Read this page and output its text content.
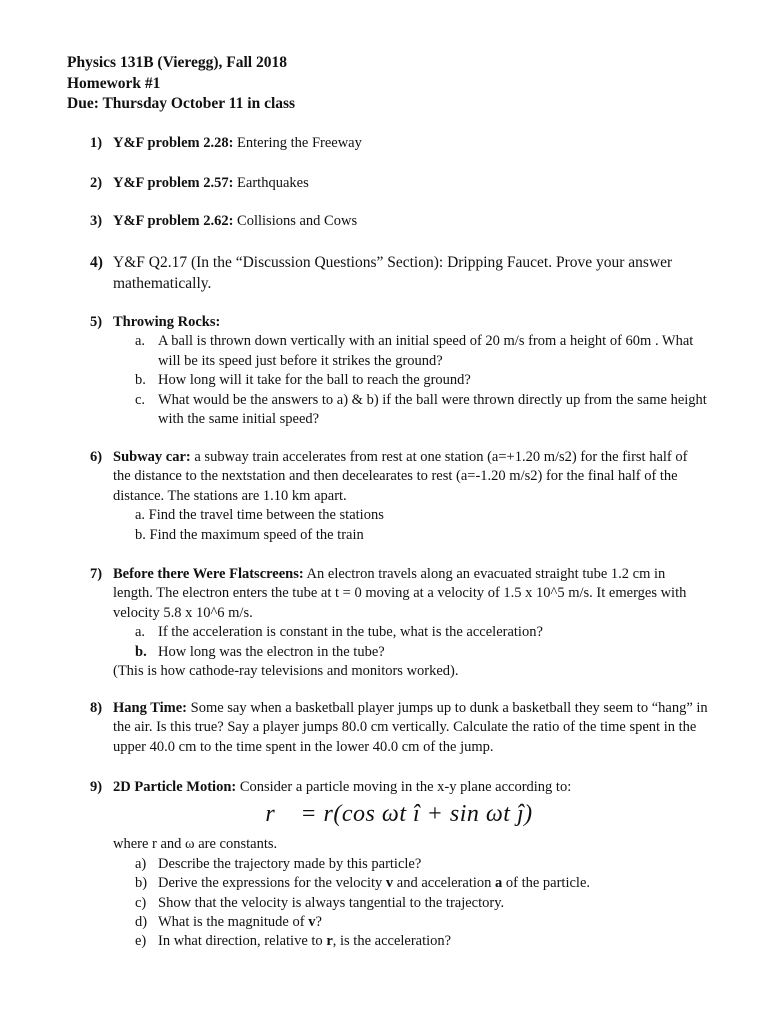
Physics 131B (Vieregg), Fall 2018
Homework #1
Due: Thursday October 11 in class
1) Y&F problem 2.28: Entering the Freeway
2) Y&F problem 2.57: Earthquakes
3) Y&F problem 2.62: Collisions and Cows
4) Y&F Q2.17 (In the “Discussion Questions” Section): Dripping Faucet. Prove your answer mathematically.
5) Throwing Rocks:
a. A ball is thrown down vertically with an initial speed of 20 m/s from a height of 60m . What will be its speed just before it strikes the ground?
b. How long will it take for the ball to reach the ground?
c. What would be the answers to a) & b) if the ball were thrown directly up from the same height with the same initial speed?
6) Subway car: a subway train accelerates from rest at one station (a=+1.20 m/s2) for the first half of the distance to the nextstation and then decelearates to rest (a=-1.20 m/s2) for the final half of the distance. The stations are 1.10 km apart.
a. Find the travel time between the stations
b. Find the maximum speed of the train
7) Before there Were Flatscreens: An electron travels along an evacuated straight tube 1.2 cm in length. The electron enters the tube at t = 0 moving at a velocity of 1.5 x 10^5 m/s. It emerges with velocity 5.8 x 10^6 m/s.
a. If the acceleration is constant in the tube, what is the acceleration?
b. How long was the electron in the tube?
(This is how cathode-ray televisions and monitors worked).
8) Hang Time: Some say when a basketball player jumps up to dunk a basketball they seem to “hang” in the air. Is this true? Say a player jumps 80.0 cm vertically. Calculate the ratio of the time spent in the upper 40.0 cm to the time spent in the lower 40.0 cm of the jump.
9) 2D Particle Motion: Consider a particle moving in the x-y plane according to:
r⃗ = r(cos ωt î + sin ωt ĵ)
where r and ω are constants.
a) Describe the trajectory made by this particle?
b) Derive the expressions for the velocity v and acceleration a of the particle.
c) Show that the velocity is always tangential to the trajectory.
d) What is the magnitude of v?
e) In what direction, relative to r, is the acceleration?
